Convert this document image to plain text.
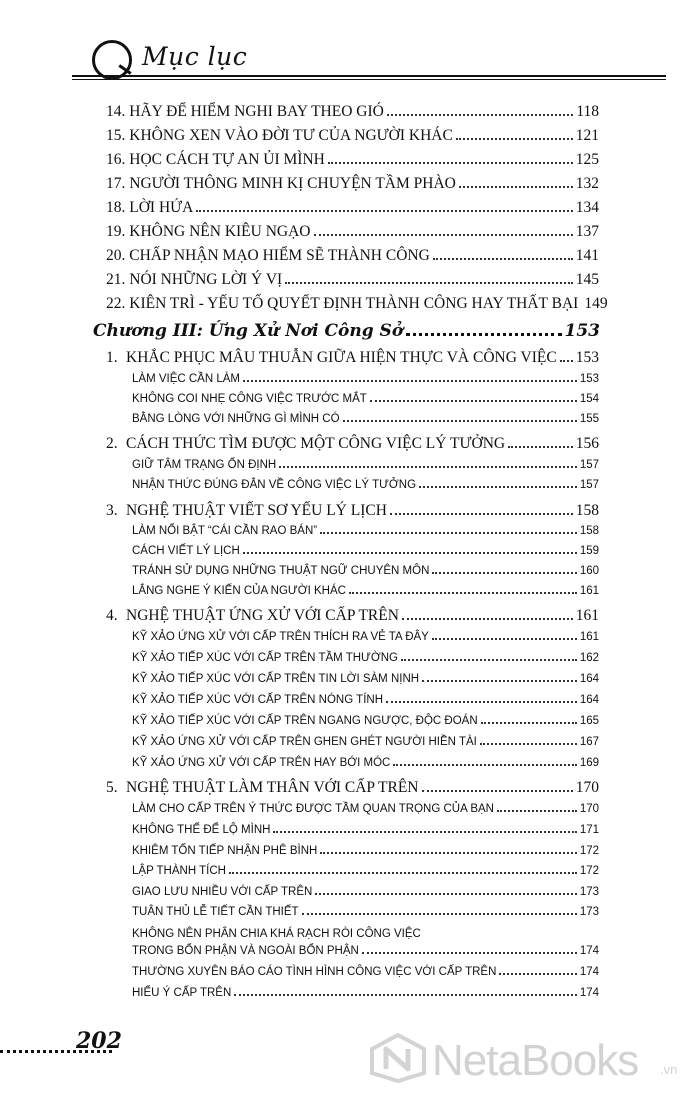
Mục lục
14. HÃY ĐỂ HIỂM NGHI BAY THEO GIÓ	118
15. KHÔNG XEN VÀO ĐỜI TƯ CỦA NGƯỜI KHÁC	121
16. HỌC CÁCH TỰ AN ỦI MÌNH	125
17. NGƯỜI THÔNG MINH KỊ CHUYỆN TẦM PHÀO	132
18. LỜI HỨA	134
19. KHÔNG NÊN KIÊU NGẠO	137
20. CHẤP NHẬN MẠO HIỂM SẼ THÀNH CÔNG	141
21. NÓI NHỮNG LỜI Ý VỊ	145
22. KIÊN TRÌ - YẾU TỐ QUYẾT ĐỊNH THÀNH CÔNG HAY THẤT BẠI 149
Chương III: Ứng Xử Nơi Công Sở	153
1. KHẮC PHỤC MÂU THUẪN GIỮA HIỆN THỰC VÀ CÔNG VIỆC 153
LÀM VIỆC CẦN LÀM	153
KHÔNG COI NHẸ CÔNG VIỆC TRƯỚC MẮT	154
BẰNG LÒNG VỚI NHỮNG GÌ MÌNH CÓ	155
2. CÁCH THỨC TÌM ĐƯỢC MỘT CÔNG VIỆC LÝ TƯỞNG	156
GIỮ TÂM TRẠNG ỔN ĐỊNH	157
NHẬN THỨC ĐÚNG ĐẮN VỀ CÔNG VIỆC LÝ TƯỞNG	157
3. NGHỆ THUẬT VIẾT SƠ YẾU LÝ LỊCH	158
LÀM NỔI BẬT “CÁI CẦN RAO BÁN”	158
CÁCH VIẾT LÝ LỊCH	159
TRÁNH SỬ DỤNG NHỮNG THUẬT NGỮ CHUYÊN MÔN	160
LẮNG NGHE Ý KIẾN CỦA NGƯỜI KHÁC	161
4. NGHỆ THUẬT ỨNG XỬ VỚI CẤP TRÊN	161
KỸ XẢO ỨNG XỬ VỚI CẤP TRÊN THÍCH RA VẺ TA ĐÂY	161
KỸ XẢO TIẾP XÚC VỚI CẤP TRÊN TẦM THƯỜNG	162
KỸ XẢO TIẾP XÚC VỚI CẤP TRÊN TIN LỜI SÀM NỊNH	164
KỸ XẢO TIẾP XÚC VỚI CẤP TRÊN NÓNG TÍNH	164
KỸ XẢO TIẾP XÚC VỚI CẤP TRÊN NGANG NGƯỢC, ĐỘC ĐOÁN	165
KỸ XẢO ỨNG XỬ VỚI CẤP TRÊN GHEN GHÉT NGƯỜI HIỀN TÀI	167
KỸ XẢO ỨNG XỬ VỚI CẤP TRÊN HAY BỚI MÓC	169
5. NGHỆ THUẬT LÀM THÂN VỚI CẤP TRÊN	170
LÀM CHO CẤP TRÊN Ý THỨC ĐƯỢC TẦM QUAN TRỌNG CỦA BẠN	170
KHÔNG THỂ ĐỂ LỘ MÌNH	171
KHIÊM TỐN TIẾP NHẬN PHÊ BÌNH	172
LẬP THÀNH TÍCH	172
GIAO LƯU NHIỀU VỚI CẤP TRÊN	173
TUÂN THỦ LỄ TIẾT CẦN THIẾT	173
KHÔNG NÊN PHÂN CHIA KHÁ RẠCH RÒI CÔNG VIỆC
TRONG BỔN PHẬN VÀ NGOÀI BỔN PHẬN	174
THƯỜNG XUYÊN BÁO CÁO TÌNH HÌNH CÔNG VIỆC VỚI CẤP TRÊN	174
HIỂU Ý CẤP TRÊN	174
202	NetaBooks .vn
